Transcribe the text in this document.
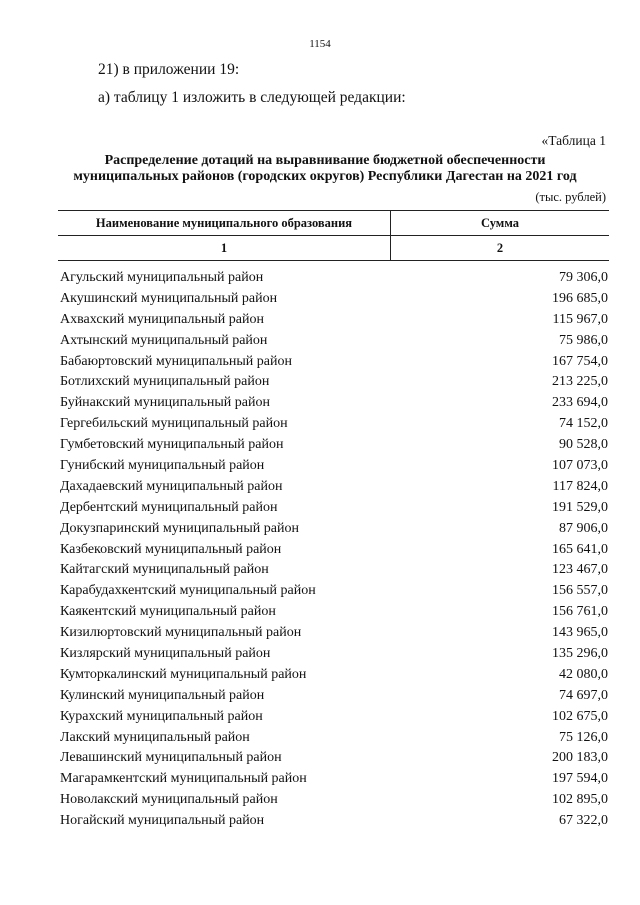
1154
21) в приложении 19:
а) таблицу 1 изложить в следующей редакции:
«Таблица 1
Распределение дотаций на выравнивание бюджетной обеспеченности
муниципальных районов (городских округов) Республики Дагестан на 2021 год
(тыс. рублей)
Наименование муниципального образования	Сумма
1	2
Агульский муниципальный район	79 306,0
Акушинский муниципальный район	196 685,0
Ахвахский муниципальный район	115 967,0
Ахтынский муниципальный район	75 986,0
Бабаюртовский муниципальный район	167 754,0
Ботлихский муниципальный район	213 225,0
Буйнакский муниципальный район	233 694,0
Гергебильский муниципальный район	74 152,0
Гумбетовский муниципальный район	90 528,0
Гунибский муниципальный район	107 073,0
Дахадаевский муниципальный район	117 824,0
Дербентский муниципальный район	191 529,0
Докузпаринский муниципальный район	87 906,0
Казбековский муниципальный район	165 641,0
Кайтагский муниципальный район	123 467,0
Карабудахкентский муниципальный район	156 557,0
Каякентский муниципальный район	156 761,0
Кизилюртовский муниципальный район	143 965,0
Кизлярский муниципальный район	135 296,0
Кумторкалинский муниципальный район	42 080,0
Кулинский муниципальный район	74 697,0
Курахский муниципальный район	102 675,0
Лакский муниципальный район	75 126,0
Левашинский муниципальный район	200 183,0
Магарамкентский муниципальный район	197 594,0
Новолакский муниципальный район	102 895,0
Ногайский муниципальный район	67 322,0
